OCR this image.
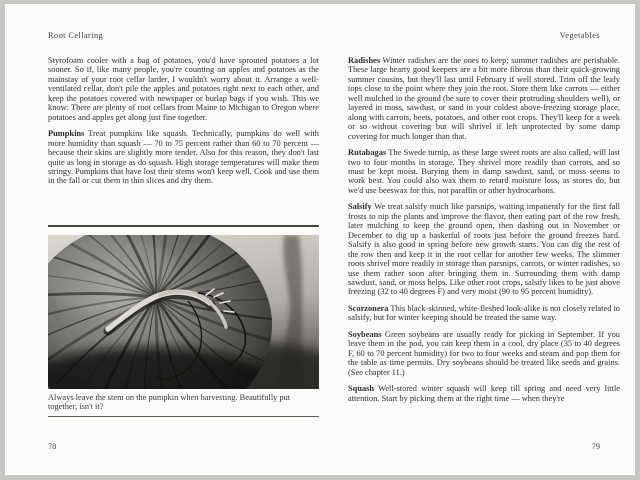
Root Cellaring

Styrofoam cooler with a bag of potatoes, you'd have sprouted potatoes a lot sooner. So if, like many people, you're counting on apples and potatoes as the mainstay of your root cellar larder, I wouldn't worry about it. Arrange a well-ventilated cellar, don't pile the apples and potatoes right next to each other, and keep the potatoes covered with newspaper or burlap bags if you wish. This we know: There are plenty of root cellars from Maine to Michigan to Oregon where potatoes and apples get along just fine together.

Pumpkins Treat pumpkins like squash. Technically, pumpkins do well with more humidity than squash — 70 to 75 percent rather than 60 to 70 percent — because their skins are slightly more tender. Also for this reason, they don't last quite as long in storage as do squash. High storage temperatures will make them stringy. Pumpkins that have lost their stems won't keep well. Cook and use them in the fall or cut them in thin slices and dry them.

Always leave the stem on the pumpkin when harvesting. Beautifully put together, isn't it?
78
Vegetables

Radishes Winter radishes are the ones to keep; summer radishes are perishable. These large hearty good keepers are a bit more fibrous than their quick-growing summer cousins, but they'll last until February if well stored. Trim off the leafy tops close to the point where they join the root. Store them like carrots — either well mulched in the ground (be sure to cover their protruding shoulders well), or layered in moss, sawdust, or sand in your coldest above-freezing storage place, along with carrots, beets, potatoes, and other root crops. They'll keep for a week or so without covering but will shrivel if left unprotected by some damp covering for much longer than that.

Rutabagas The Swede turnip, as these large sweet roots are also called, will last two to four months in storage. They shrivel more readily than carrots, and so must be kept moist. Burying them in damp sawdust, sand, or moss seems to work best. You could also wax them to retard moisture loss, as stores do, but we'd use beeswax for this, not paraffin or other hydrocarbons.

Salsify We treat salsify much like parsnips, waiting impatiently for the first fall frosts to nip the plants and improve the flavor, then eating part of the row fresh, later mulching to keep the ground open, then dashing out in November or December to dig up a basketful of roots just before the ground freezes hard. Salsify is also good in spring before new growth starts. You can dig the rest of the row then and keep it in the root cellar for another few weeks. The slimmer roots shrivel more readily in storage than parsnips, carrots, or winter radishes, so use them rather soon after bringing them in. Surrounding them with damp sawdust, sand, or moss helps. Like other root crops, salsify likes to be just above freezing (32 to 40 degrees F) and very moist (90 to 95 percent humidity).

Scorzonera This black-skinned, white-fleshed look-alike is not closely related to salsify, but for winter keeping should be treated the same way.

Soybeans Green soybeans are usually ready for picking in September. If you leave them in the pod, you can keep them in a cool, dry place (35 to 40 degrees F, 60 to 70 percent humidity) for two to four weeks and steam and pop them for the table as time permits. Dry soybeans should be treated like seeds and grains. (See chapter 11.)

Squash Well-stored winter squash will keep till spring and need very little attention. Start by picking them at the right time — when they're

79
